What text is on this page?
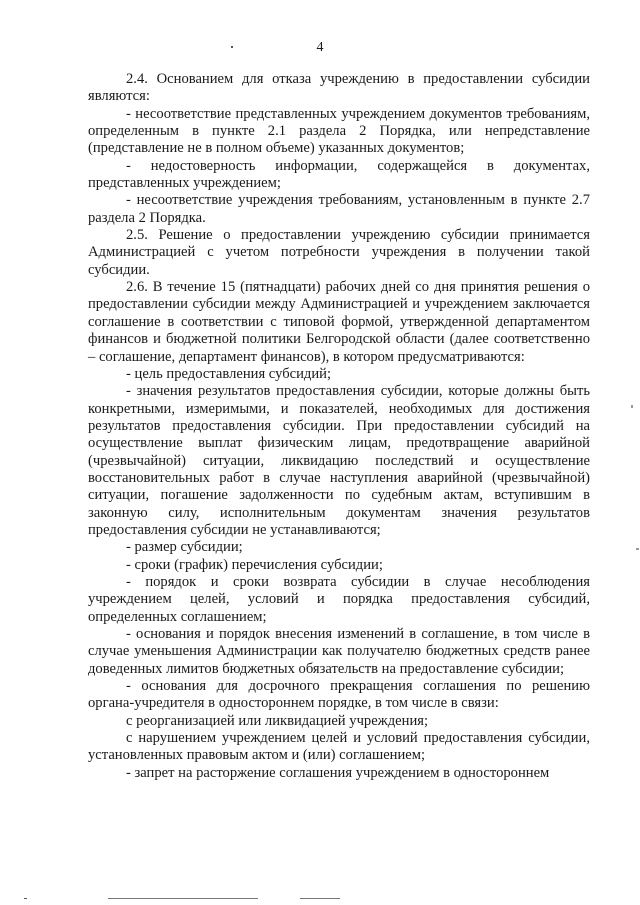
4

2.4. Основанием для отказа учреждению в предоставлении субсидии являются:

- несоответствие представленных учреждением документов требованиям, определенным в пункте 2.1 раздела 2 Порядка, или непредставление (представление не в полном объеме) указанных документов;

- недостоверность информации, содержащейся в документах, представленных учреждением;

- несоответствие учреждения требованиям, установленным в пункте 2.7 раздела 2 Порядка.

2.5. Решение о предоставлении учреждению субсидии принимается Администрацией с учетом потребности учреждения в получении такой субсидии.

2.6. В течение 15 (пятнадцати) рабочих дней со дня принятия решения о предоставлении субсидии между Администрацией и учреждением заключается соглашение в соответствии с типовой формой, утвержденной департаментом финансов и бюджетной политики Белгородской области (далее соответственно – соглашение, департамент финансов), в котором предусматриваются:

- цель предоставления субсидий;

- значения результатов предоставления субсидии, которые должны быть конкретными, измеримыми, и показателей, необходимых для достижения результатов предоставления субсидии. При предоставлении субсидий на осуществление выплат физическим лицам, предотвращение аварийной (чрезвычайной) ситуации, ликвидацию последствий и осуществление восстановительных работ в случае наступления аварийной (чрезвычайной) ситуации, погашение задолженности по судебным актам, вступившим в законную силу, исполнительным документам значения результатов предоставления субсидии не устанавливаются;

- размер субсидии;

- сроки (график) перечисления субсидии;

- порядок и сроки возврата субсидии в случае несоблюдения учреждением целей, условий и порядка предоставления субсидий, определенных соглашением;

- основания и порядок внесения изменений в соглашение, в том числе в случае уменьшения Администрации как получателю бюджетных средств ранее доведенных лимитов бюджетных обязательств на предоставление субсидии;

- основания для досрочного прекращения соглашения по решению органа-учредителя в одностороннем порядке, в том числе в связи:

с реорганизацией или ликвидацией учреждения;

с нарушением учреждением целей и условий предоставления субсидии, установленных правовым актом и (или) соглашением;

- запрет на расторжение соглашения учреждением в одностороннем
